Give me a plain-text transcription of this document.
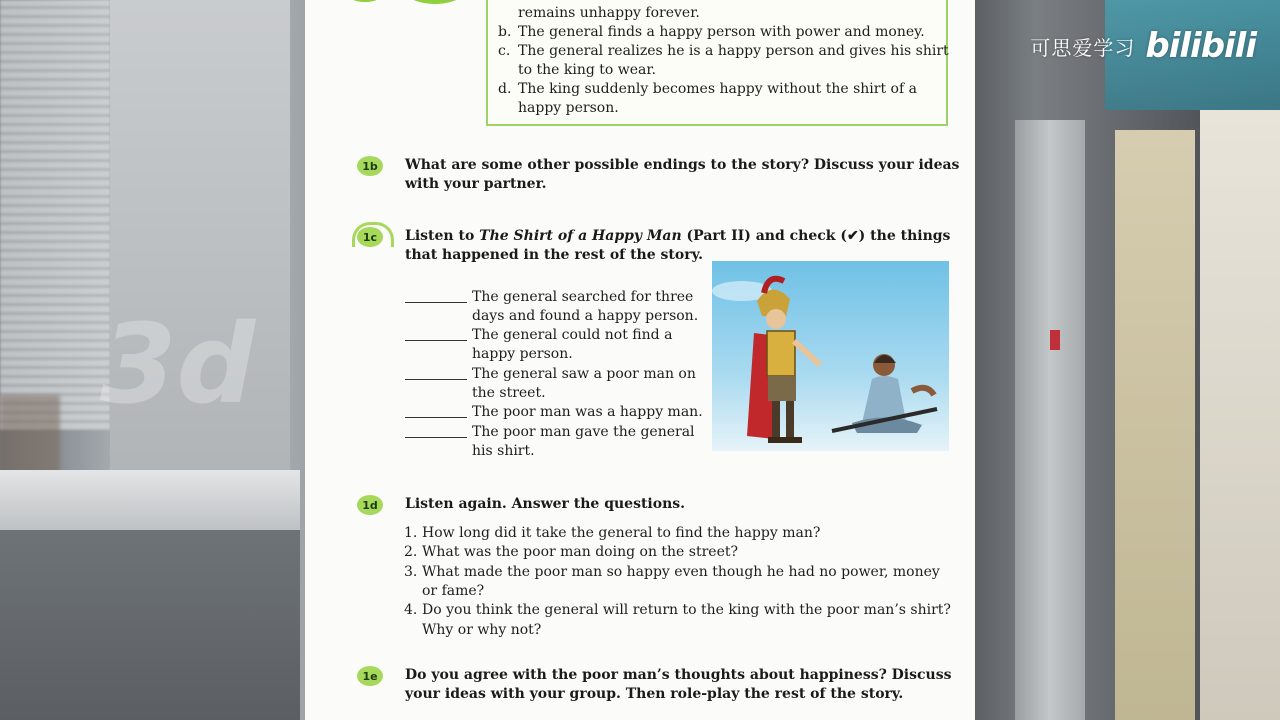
3d
可思爱学习 bilibili
remains unhappy forever.
b. The general finds a happy person with power and money.
c. The general realizes he is a happy person and gives his shirt
to the king to wear.
d. The king suddenly becomes happy without the shirt of a
happy person.
1b	What are some other possible endings to the story? Discuss your ideas
with your partner.
1c	Listen to The Shirt of a Happy Man (Part II) and check (✔) the things
that happened in the rest of the story.
The general searched for three
days and found a happy person.
The general could not find a
happy person.
The general saw a poor man on
the street.
The poor man was a happy man.
The poor man gave the general
his shirt.
1d	Listen again. Answer the questions.
1. How long did it take the general to find the happy man?
2. What was the poor man doing on the street?
3. What made the poor man so happy even though he had no power, money
or fame?
4. Do you think the general will return to the king with the poor man’s shirt?
Why or why not?
1e	Do you agree with the poor man’s thoughts about happiness? Discuss
your ideas with your group. Then role-play the rest of the story.
